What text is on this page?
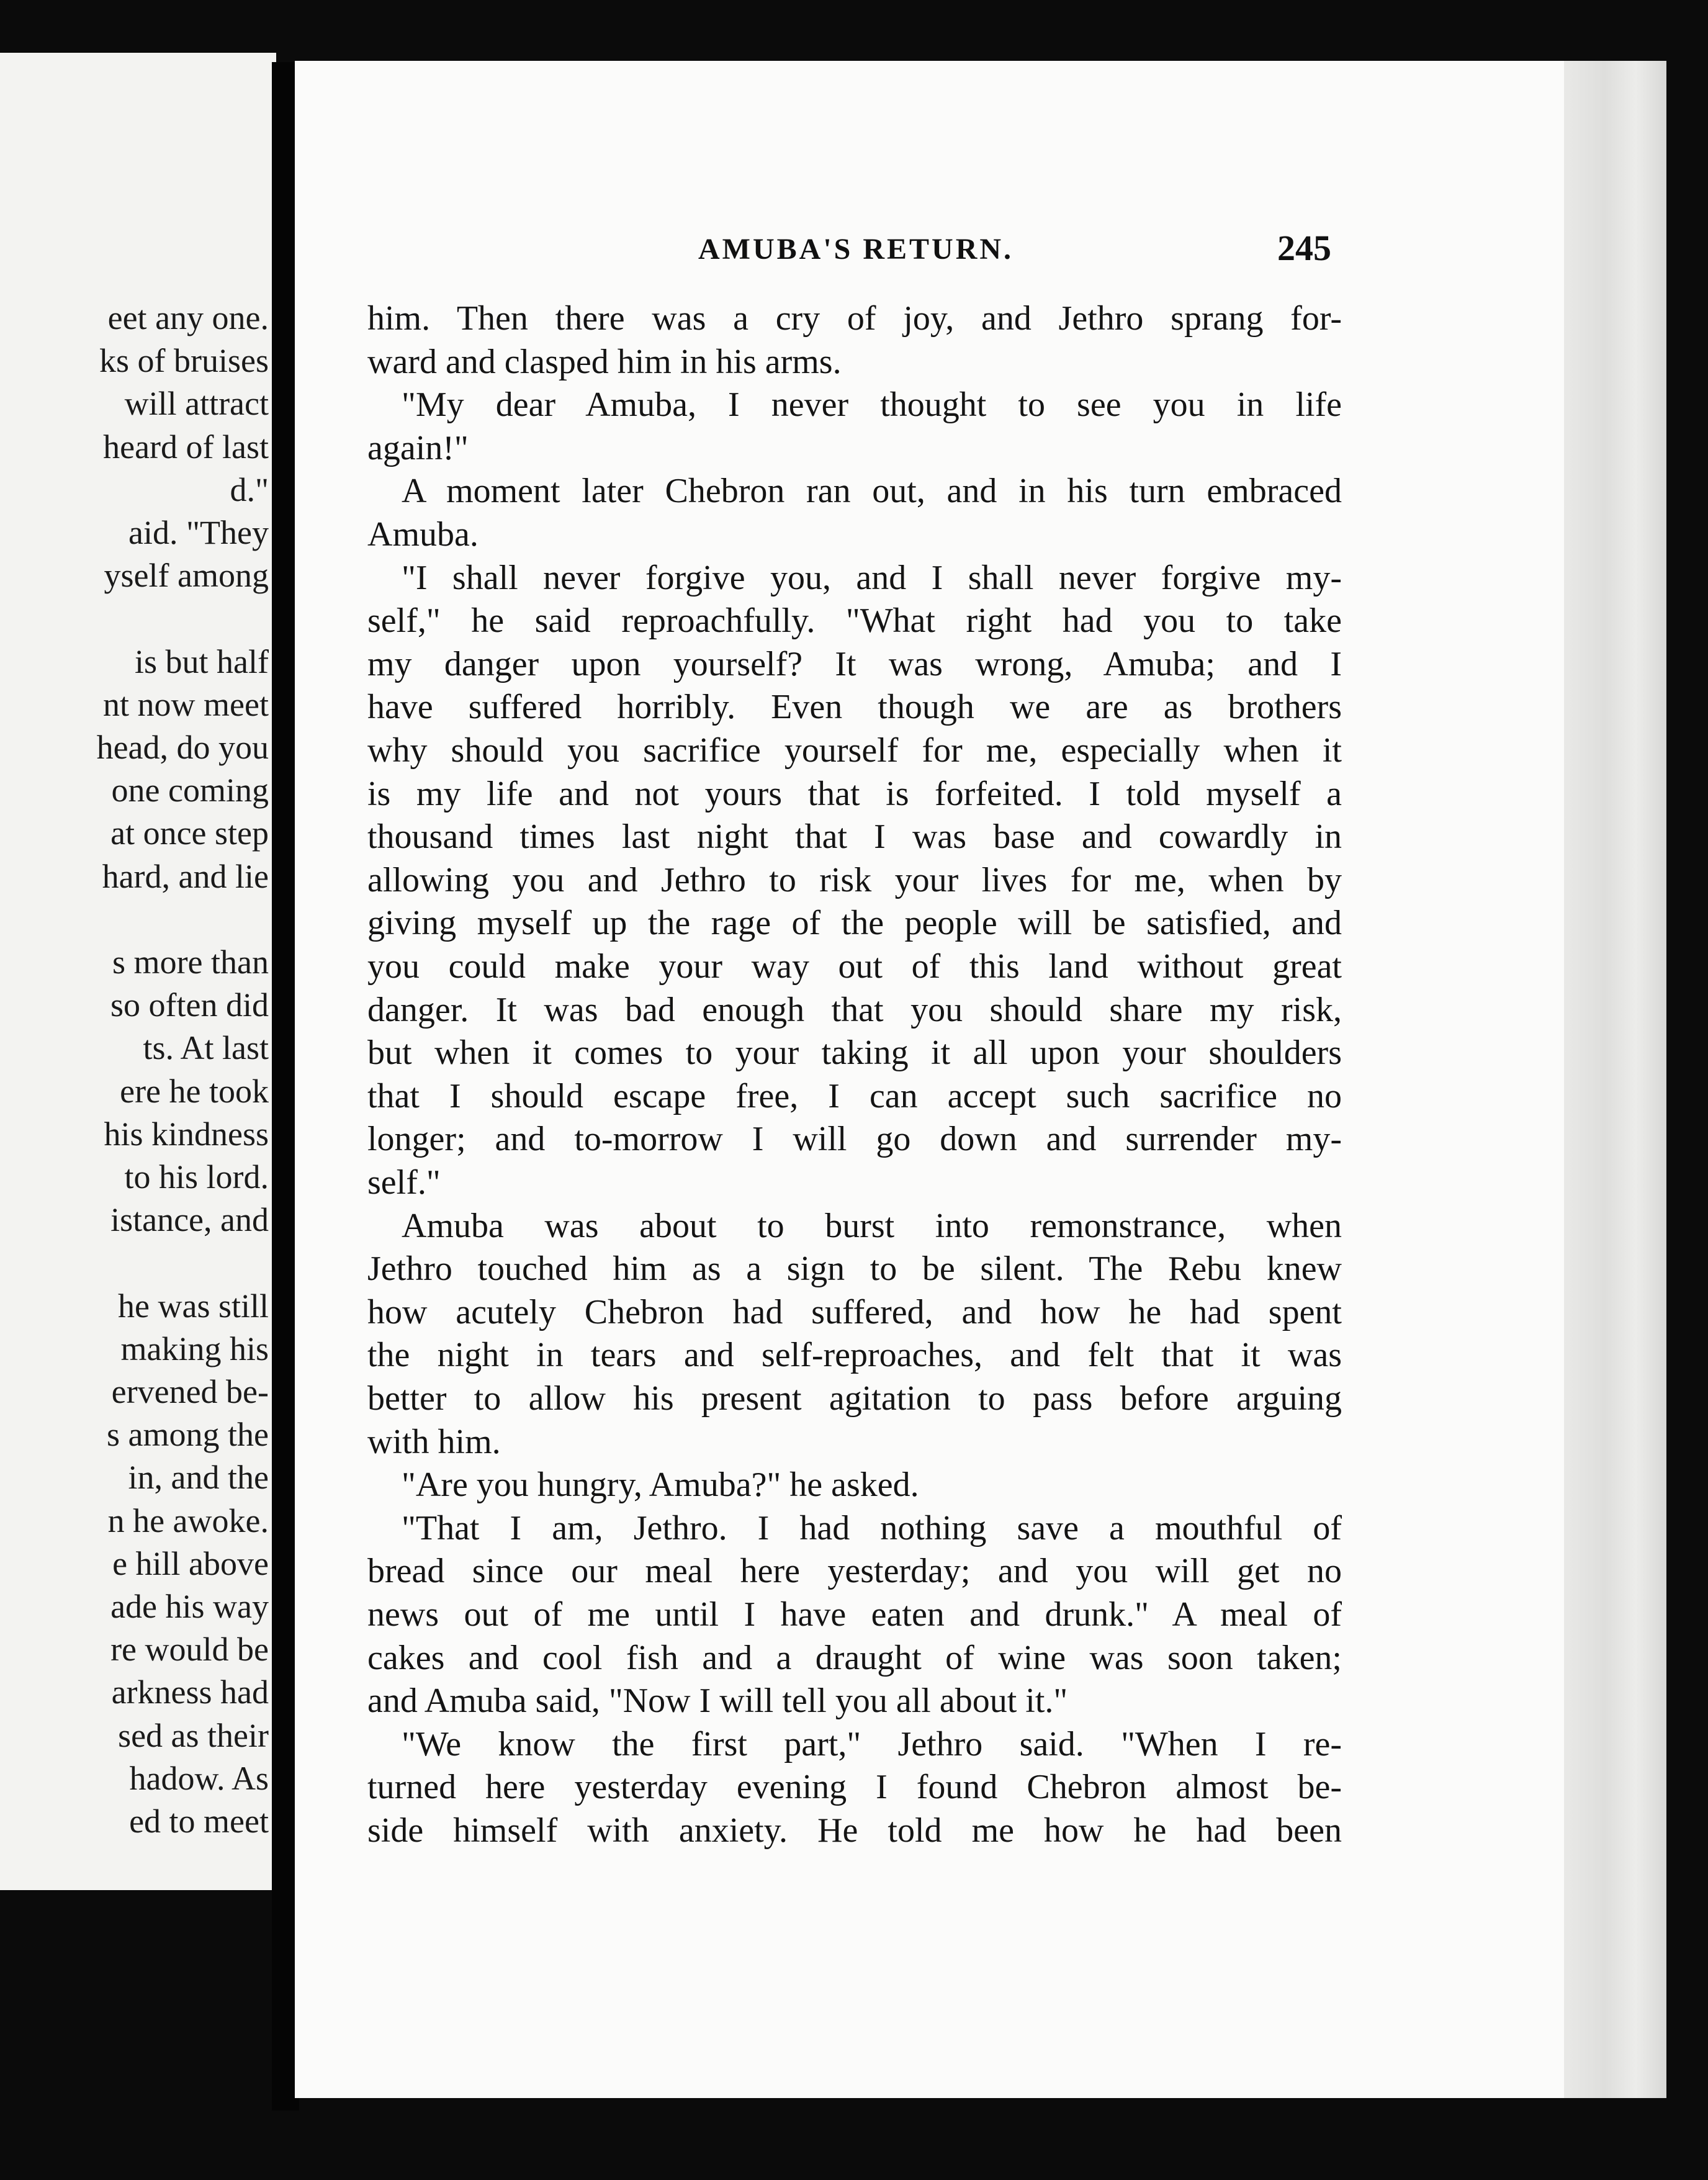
eet any one.
ks of bruises
will attract
heard of last
d."
aid. "They
yself among
is but half
nt now meet
head, do you
one coming
at once step
hard, and lie
s more than
so often did
ts. At last
ere he took
his kindness
to his lord.
istance, and
he was still
making his
ervened be-
s among the
in, and the
n he awoke.
e hill above
ade his way
re would be
arkness had
sed as their
hadow. As
ed to meet
AMUBA'S RETURN.	245
him. Then there was a cry of joy, and Jethro sprang for-
ward and clasped him in his arms.
"My dear Amuba, I never thought to see you in life
again!"
A moment later Chebron ran out, and in his turn embraced
Amuba.
"I shall never forgive you, and I shall never forgive my-
self," he said reproachfully. "What right had you to take
my danger upon yourself? It was wrong, Amuba; and I
have suffered horribly. Even though we are as brothers
why should you sacrifice yourself for me, especially when it
is my life and not yours that is forfeited. I told myself a
thousand times last night that I was base and cowardly in
allowing you and Jethro to risk your lives for me, when by
giving myself up the rage of the people will be satisfied, and
you could make your way out of this land without great
danger. It was bad enough that you should share my risk,
but when it comes to your taking it all upon your shoulders
that I should escape free, I can accept such sacrifice no
longer; and to-morrow I will go down and surrender my-
self."
Amuba was about to burst into remonstrance, when
Jethro touched him as a sign to be silent. The Rebu knew
how acutely Chebron had suffered, and how he had spent
the night in tears and self-reproaches, and felt that it was
better to allow his present agitation to pass before arguing
with him.
"Are you hungry, Amuba?" he asked.
"That I am, Jethro. I had nothing save a mouthful of
bread since our meal here yesterday; and you will get no
news out of me until I have eaten and drunk." A meal of
cakes and cool fish and a draught of wine was soon taken;
and Amuba said, "Now I will tell you all about it."
"We know the first part," Jethro said. "When I re-
turned here yesterday evening I found Chebron almost be-
side himself with anxiety. He told me how he had been
